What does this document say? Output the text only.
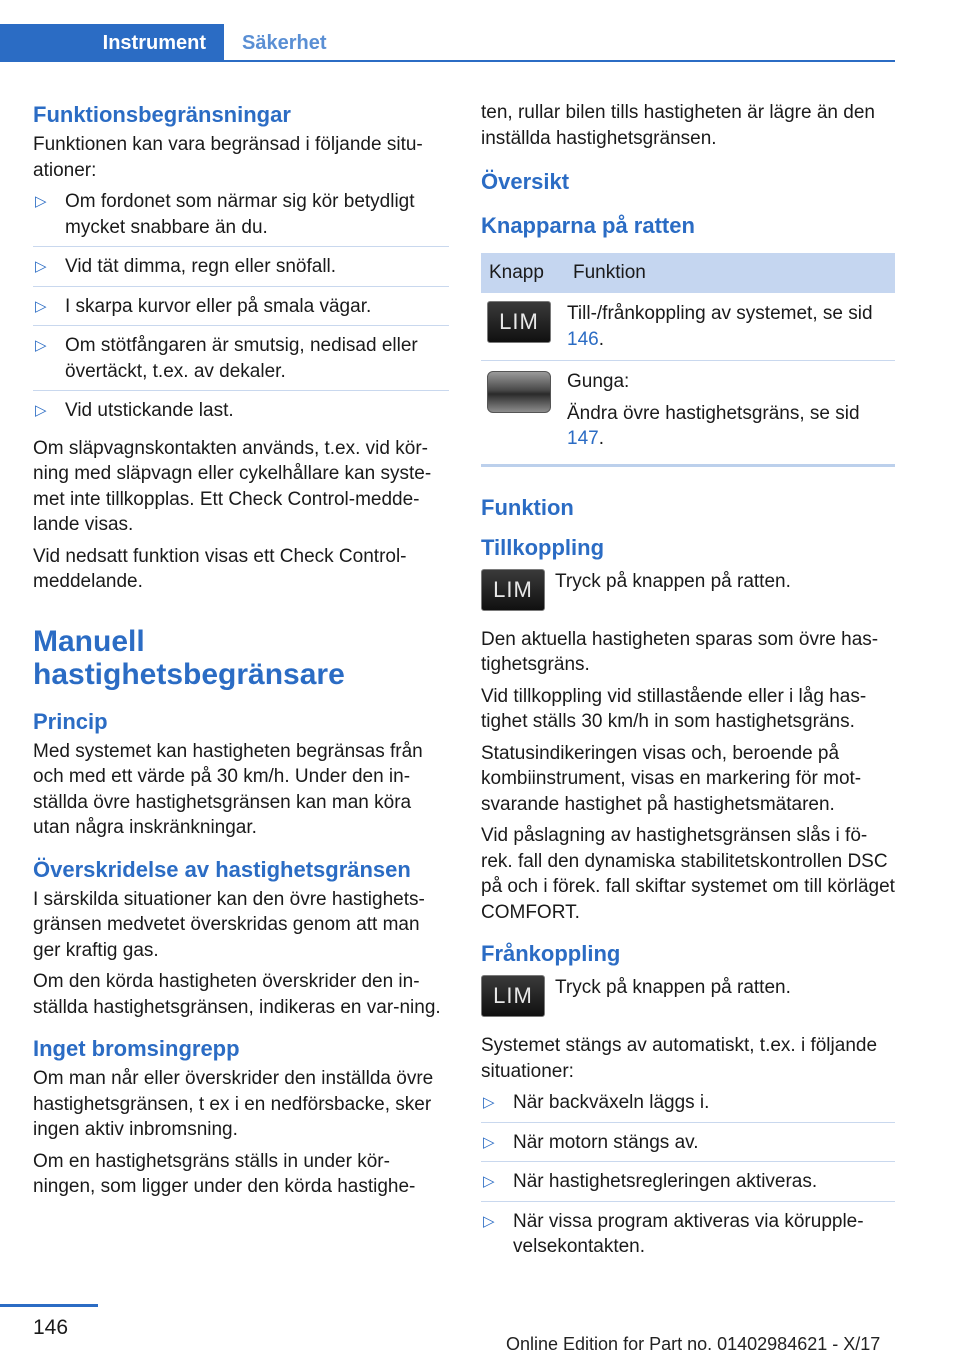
Instrument	Säkerhet
Funktionsbegränsningar

Funktionen kan vara begränsad i följande situ‐ationer:

▷ Om fordonet som närmar sig kör betydligt mycket snabbare än du.
▷ Vid tät dimma, regn eller snöfall.
▷ I skarpa kurvor eller på smala vägar.
▷ Om stötfångaren är smutsig, nedisad eller övertäckt, t.ex. av dekaler.
▷ Vid utstickande last.

Om släpvagnskontakten används, t.ex. vid kör‐ning med släpvagn eller cykelhållare kan syste‐met inte tillkopplas. Ett Check Control-medde‐lande visas.

Vid nedsatt funktion visas ett Check Control-meddelande.

Manuell hastighetsbegränsare
Princip

Med systemet kan hastigheten begränsas från och med ett värde på 30 km/h. Under den in‐ställda övre hastighetsgränsen kan man köra utan några inskränkningar.

Överskridelse av hastighetsgränsen

I särskilda situationer kan den övre hastighets‐gränsen medvetet överskridas genom att man ger kraftig gas.

Om den körda hastigheten överskrider den in‐ställda hastighetsgränsen, indikeras en var‐ning.

Inget bromsingrepp

Om man når eller överskrider den inställda övre hastighetsgränsen, t ex i en nedförsbacke, sker ingen aktiv inbromsning.

Om en hastighetsgräns ställs in under kör‐ningen, som ligger under den körda hastighe‐

ten, rullar bilen tills hastigheten är lägre än den inställda hastighetsgränsen.

Översikt
Knapparna på ratten
Knapp	Funktion
LIM	Till-/frånkoppling av systemet, se sid 146.

	Gunga:
Ändra övre hastighetsgräns, se sid 147.
Funktion
Tillkoppling
LIM	Tryck på knappen på ratten.

Den aktuella hastigheten sparas som övre has‐tighetsgräns.

Vid tillkoppling vid stillastående eller i låg has‐tighet ställs 30 km/h in som hastighetsgräns.

Statusindikeringen visas och, beroende på kombiinstrument, visas en markering för mot‐svarande hastighet på hastighetsmätaren.

Vid påslagning av hastighetsgränsen slås i fö‐rek. fall den dynamiska stabilitetskontrollen DSC på och i förek. fall skiftar systemet om till körläget COMFORT.

Frånkoppling
LIM	Tryck på knappen på ratten.

Systemet stängs av automatiskt, t.ex. i följande situationer:

▷ När backväxeln läggs i.
▷ När motorn stängs av.
▷ När hastighetsregleringen aktiveras.
▷ När vissa program aktiveras via körupple‐velsekontakten.
146
Online Edition for Part no. 01402984621 - X/17
